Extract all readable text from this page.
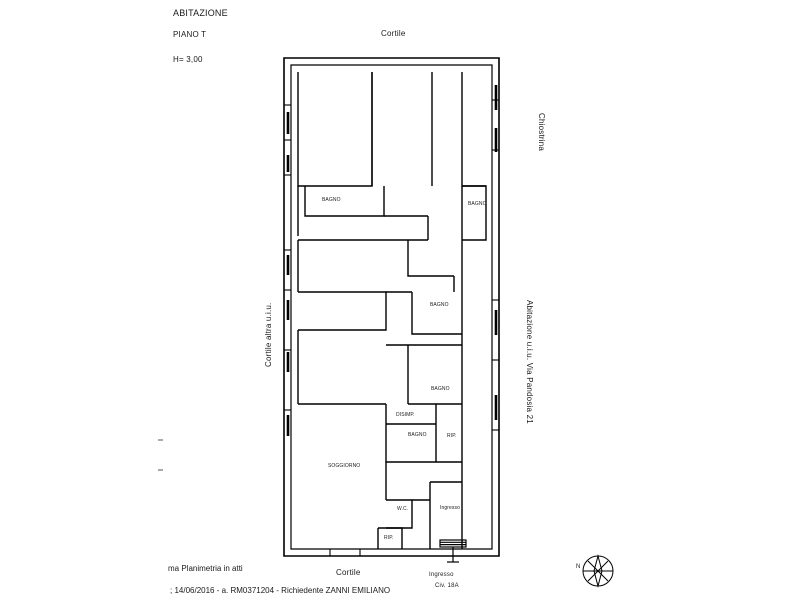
ABITAZIONE
PIANO T
H= 3,00
Cortile
Cortile
Cortile altra u.i.u.
Chiostrina
Abitazione u.i.u. Via Pandosia 21
BAGNO
BAGNO
BAGNO
BAGNO
DISIMP.
BAGNO	RIP.
SOGGIORNO
W.C.
RIP.
Ingresso
Ingresso
Civ. 18A
N
ma Planimetria in atti
; 14/06/2016 - a. RM0371204 - Richiedente ZANNI EMILIANO
